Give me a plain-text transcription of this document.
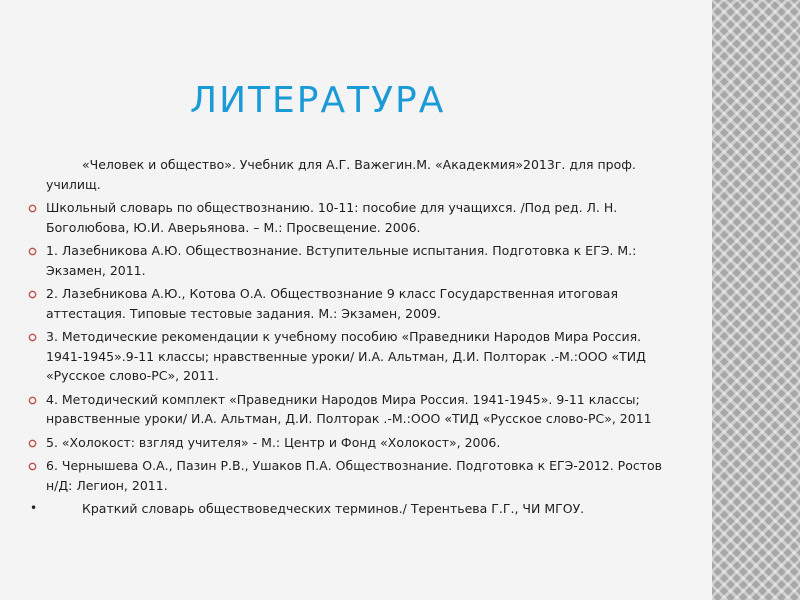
ЛИТЕРАТУРА

«Человек и общество». Учебник для А.Г. Важегин.М. «Акадекмия»2013г. для проф. училищ.

Школьный словарь по обществознанию. 10-11: пособие для учащихся. /Под ред. Л. Н. Боголюбова, Ю.И. Аверьянова. – М.: Просвещение. 2006.
1. Лазебникова А.Ю. Обществознание. Вступительные испытания. Подготовка к ЕГЭ. М.: Экзамен, 2011.
2. Лазебникова А.Ю., Котова О.А. Обществознание 9 класс Государственная итоговая аттестация. Типовые тестовые задания. М.: Экзамен, 2009.
3. Методические рекомендации к учебному пособию «Праведники Народов Мира Россия. 1941-1945».9-11 классы; нравственные уроки/ И.А. Альтман, Д.И. Полторак .-М.:ООО «ТИД «Русское слово-РС», 2011.
4. Методический комплект «Праведники Народов Мира Россия. 1941-1945». 9-11 классы; нравственные уроки/ И.А. Альтман, Д.И. Полторак .-М.:ООО «ТИД «Русское слово-РС», 2011
5. «Холокост: взгляд учителя» - М.: Центр и Фонд «Холокост», 2006.
6. Чернышева О.А., Пазин Р.В., Ушаков П.А. Обществознание. Подготовка к ЕГЭ-2012. Ростов н/Д: Легион, 2011.
•	Краткий словарь обществоведческих терминов./ Терентьева Г.Г., ЧИ МГОУ.
